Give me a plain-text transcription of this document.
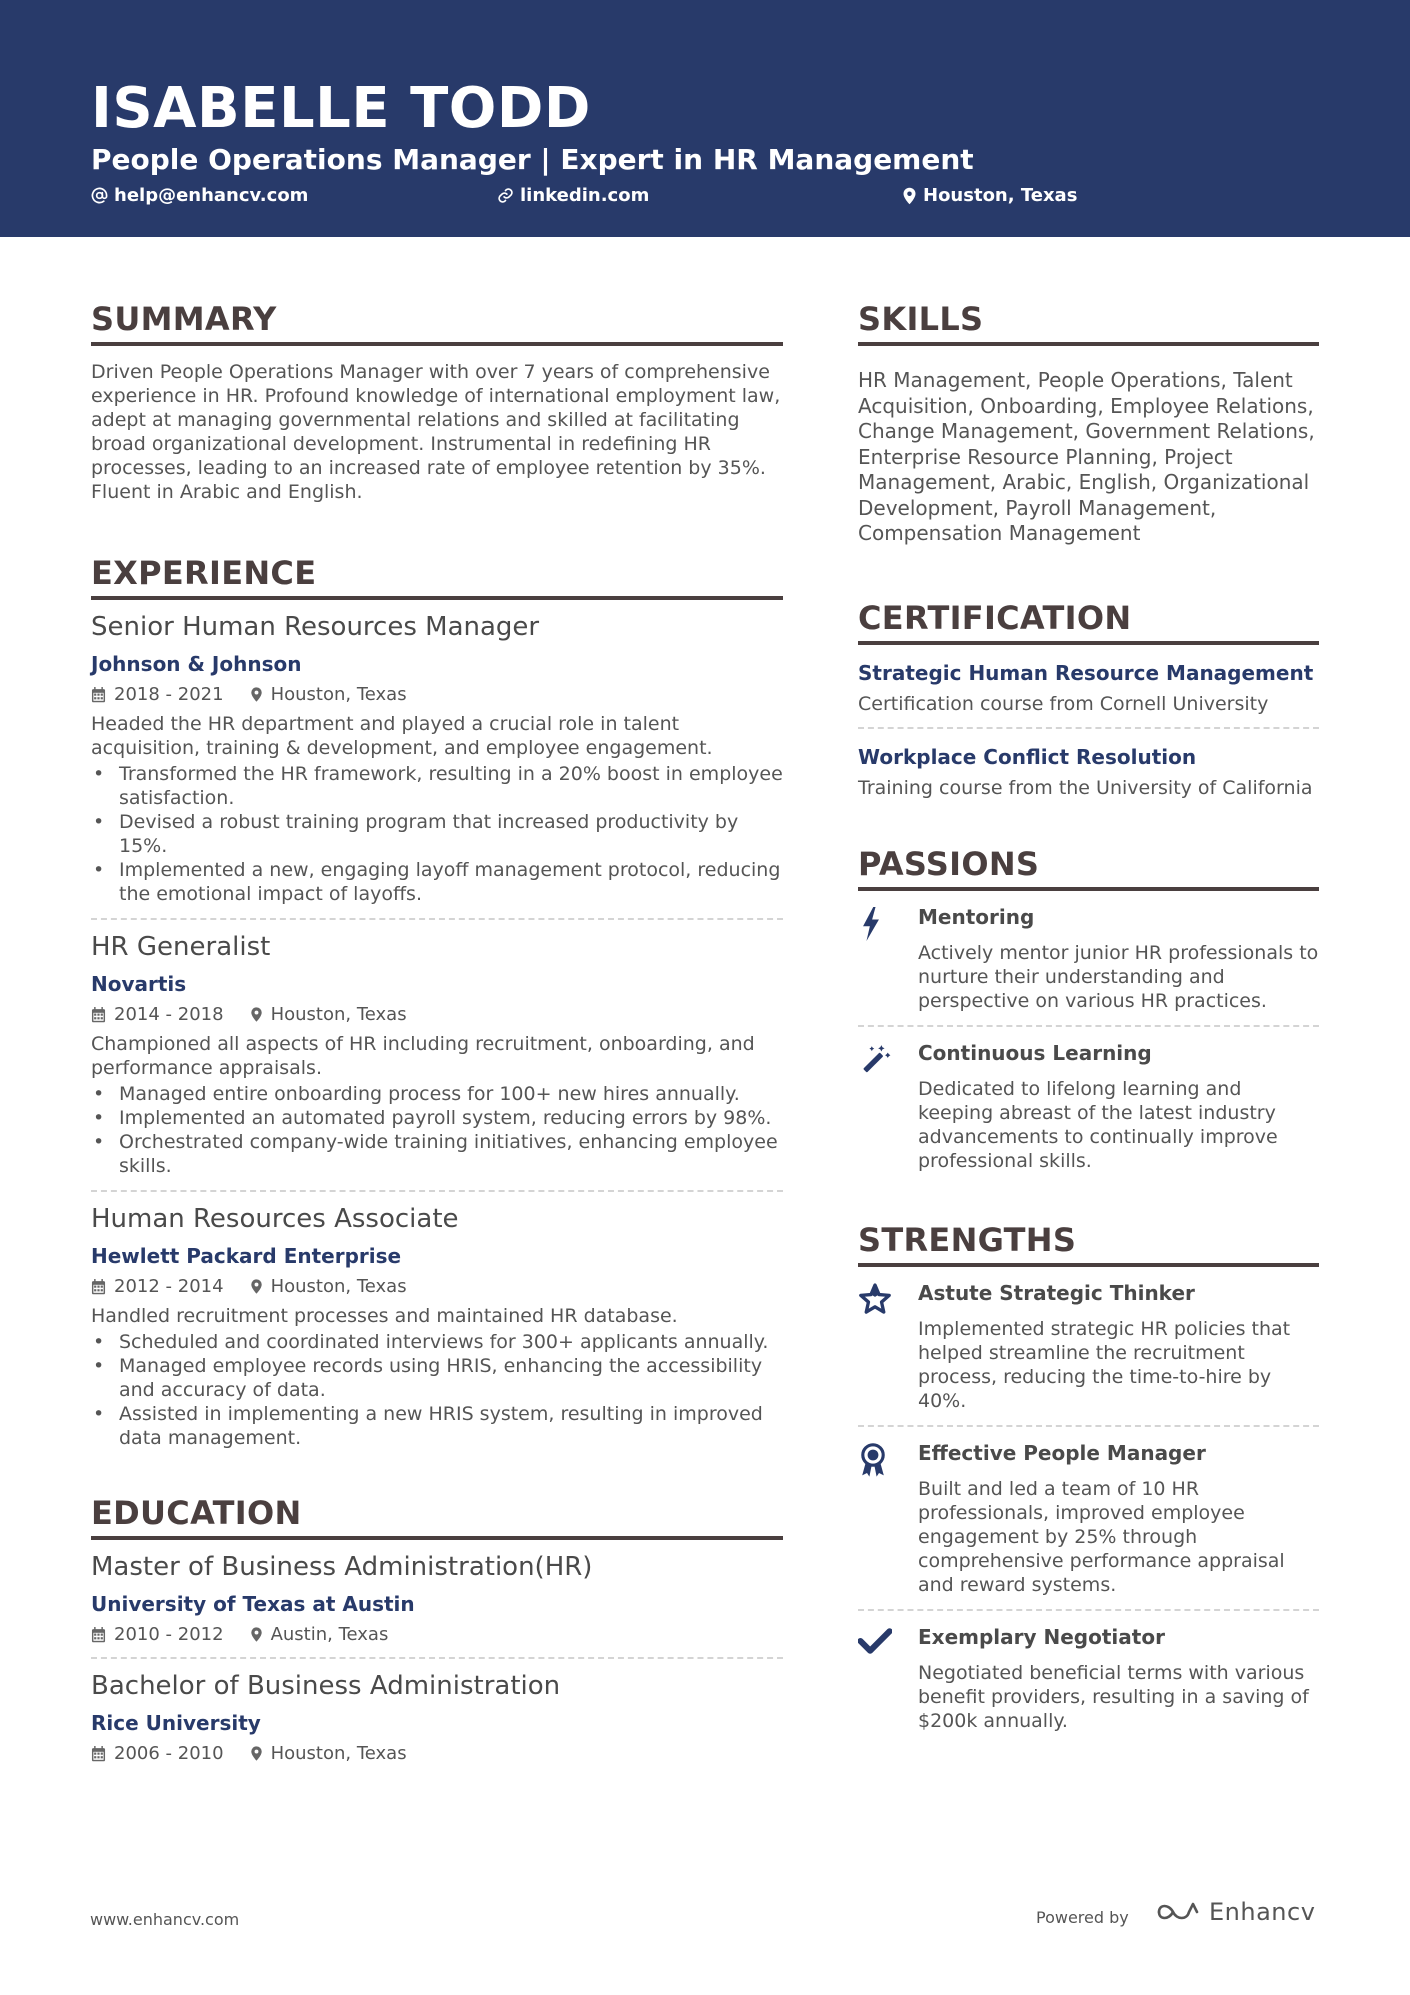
ISABELLE TODD
People Operations Manager | Expert in HR Management
help@enhancv.com	linkedin.com	Houston, Texas
SUMMARY
Driven People Operations Manager with over 7 years of comprehensive experience in HR. Profound knowledge of international employment law, adept at managing governmental relations and skilled at facilitating broad organizational development. Instrumental in redefining HR processes, leading to an increased rate of employee retention by 35%. Fluent in Arabic and English.
EXPERIENCE
Senior Human Resources Manager
Johnson & Johnson
2018 - 2021	Houston, Texas
Headed the HR department and played a crucial role in talent acquisition, training & development, and employee engagement.
• Transformed the HR framework, resulting in a 20% boost in employee satisfaction.
• Devised a robust training program that increased productivity by 15%.
• Implemented a new, engaging layoff management protocol, reducing the emotional impact of layoffs.
HR Generalist
Novartis
2014 - 2018	Houston, Texas
Championed all aspects of HR including recruitment, onboarding, and performance appraisals.
• Managed entire onboarding process for 100+ new hires annually.
• Implemented an automated payroll system, reducing errors by 98%.
• Orchestrated company-wide training initiatives, enhancing employee skills.
Human Resources Associate
Hewlett Packard Enterprise
2012 - 2014	Houston, Texas
Handled recruitment processes and maintained HR database.
• Scheduled and coordinated interviews for 300+ applicants annually.
• Managed employee records using HRIS, enhancing the accessibility and accuracy of data.
• Assisted in implementing a new HRIS system, resulting in improved data management.
EDUCATION
Master of Business Administration(HR)
University of Texas at Austin
2010 - 2012	Austin, Texas
Bachelor of Business Administration
Rice University
2006 - 2010	Houston, Texas
SKILLS
HR Management, People Operations, Talent Acquisition, Onboarding, Employee Relations, Change Management, Government Relations, Enterprise Resource Planning, Project Management, Arabic, English, Organizational Development, Payroll Management, Compensation Management
CERTIFICATION
Strategic Human Resource Management
Certification course from Cornell University
Workplace Conflict Resolution
Training course from the University of California
PASSIONS
Mentoring
Actively mentor junior HR professionals to nurture their understanding and perspective on various HR practices.
Continuous Learning
Dedicated to lifelong learning and keeping abreast of the latest industry advancements to continually improve professional skills.
STRENGTHS
Astute Strategic Thinker
Implemented strategic HR policies that helped streamline the recruitment process, reducing the time-to-hire by 40%.
Effective People Manager
Built and led a team of 10 HR professionals, improved employee engagement by 25% through comprehensive performance appraisal and reward systems.
Exemplary Negotiator
Negotiated beneficial terms with various benefit providers, resulting in a saving of $200k annually.
www.enhancv.com	Powered by	Enhancv
